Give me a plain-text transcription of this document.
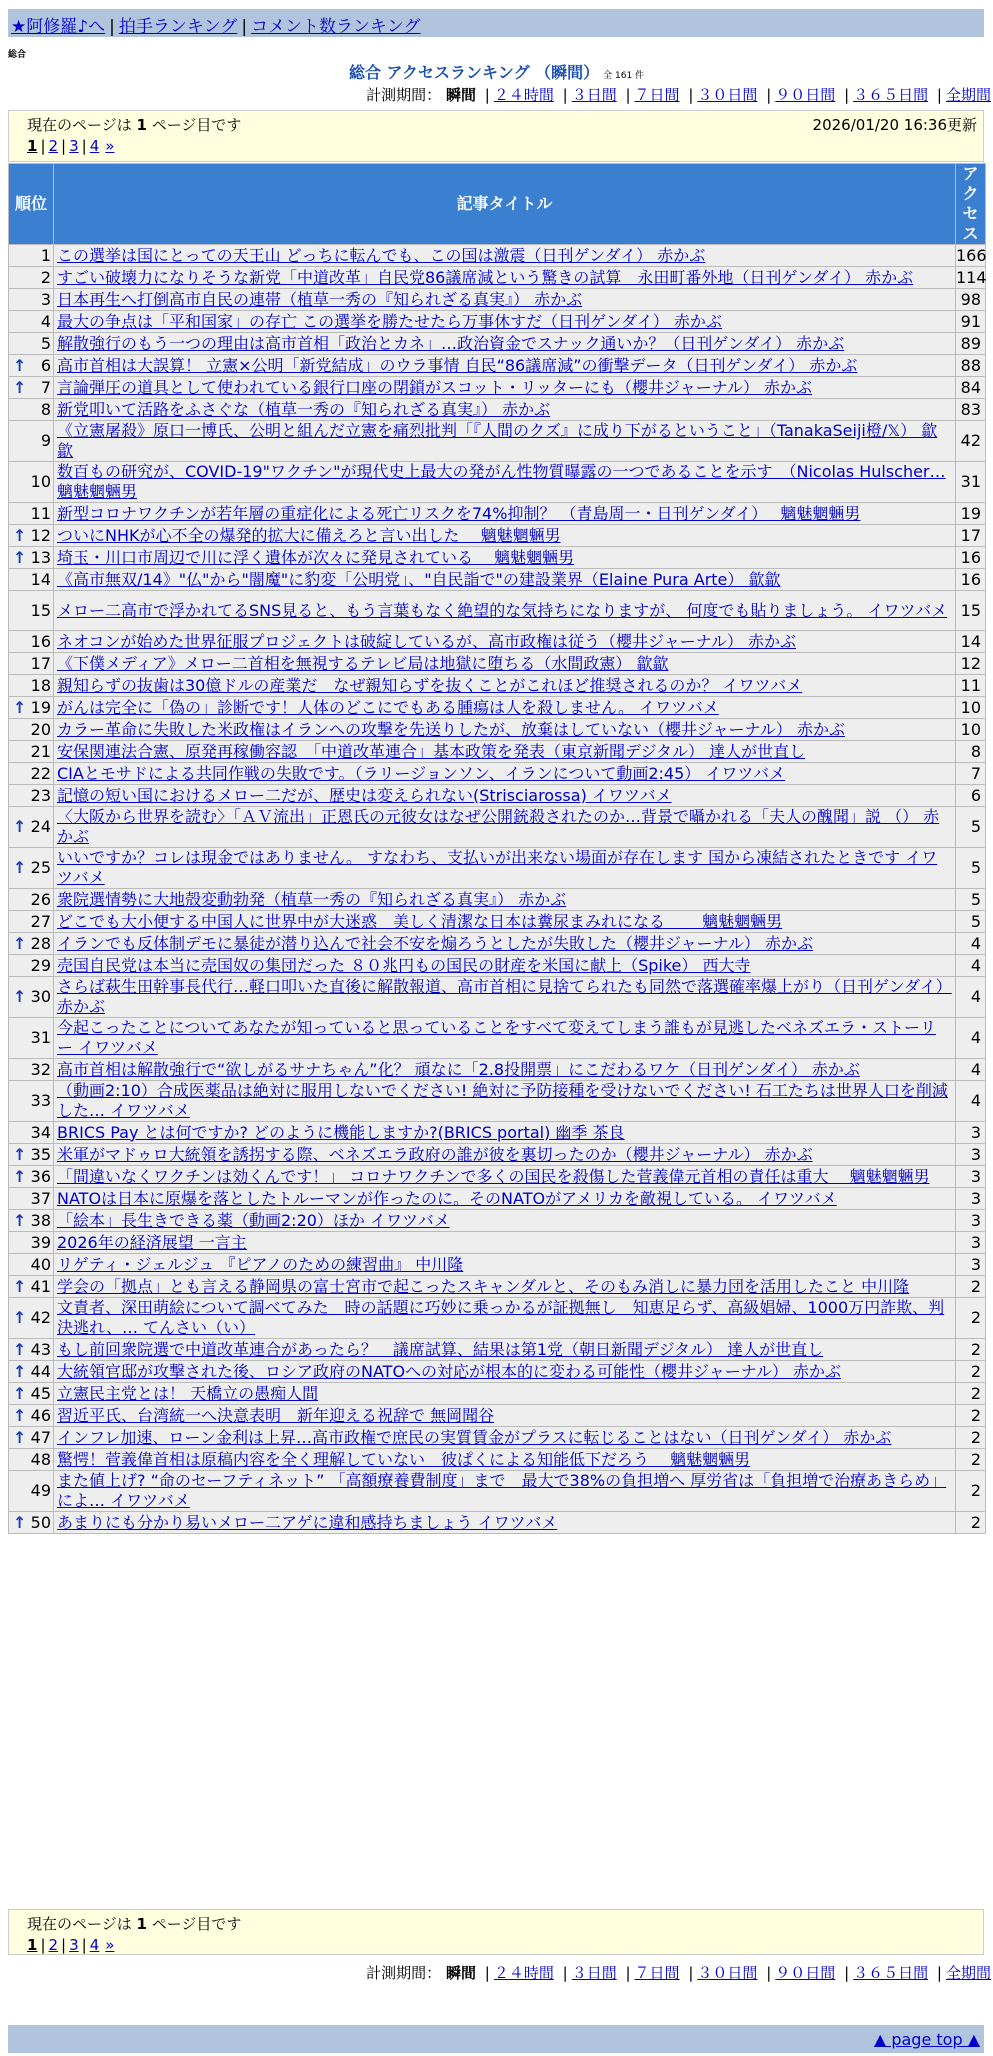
★阿修羅♪へ | 拍手ランキング | コメント数ランキング
総合
総合 アクセスランキング （瞬間） 全 161 件
計測期間： 瞬間 | ２４時間 | ３日間 | ７日間 | ３０日間 | ９０日間 | ３６５日間 | 全期間
現在のページは 1 ページ目です	2026/01/20 16:36更新
1 | 2 | 3 | 4 »
順位	記事タイトル	アクセス
1	この選挙は国にとっての天王山 どっちに転んでも、この国は激震（日刊ゲンダイ） 赤かぶ	166
2	すごい破壊力になりそうな新党「中道改革」自民党86議席減という驚きの試算　永田町番外地（日刊ゲンダイ） 赤かぶ	114
3	日本再生へ打倒高市自民の連帯（植草一秀の『知られざる真実』） 赤かぶ	98
4	最大の争点は「平和国家」の存亡 この選挙を勝たせたら万事休すだ（日刊ゲンダイ） 赤かぶ	91
5	解散強行のもう一つの理由は高市首相「政治とカネ」…政治資金でスナック通いか？（日刊ゲンダイ） 赤かぶ	89

↑ 6	高市首相は大誤算！ 立憲×公明「新党結成」のウラ事情 自民“86議席減”の衝撃データ（日刊ゲンダイ） 赤かぶ	88

↑ 7	言論弾圧の道具として使われている銀行口座の閉鎖がスコット・リッターにも（櫻井ジャーナル） 赤かぶ	84
8	新党叩いて活路をふさぐな（植草一秀の『知られざる真実』） 赤かぶ	83
9	《立憲屠殺》原口一博氏、公明と組んだ立憲を痛烈批判「『人間のクズ』に成り下がるということ」（TanakaSeiji橙/𝕏） 歙歙	42
10	数百もの研究が、COVID-19"ワクチン"が現代史上最大の発がん性物質曝露の一つであることを示す　（Nicolas Hulscher… 魑魅魍魎男	31
11	新型コロナワクチンが若年層の重症化による死亡リスクを74%抑制？ （青島周一・日刊ゲンダイ）　 魑魅魍魎男	19

↑ 12	ついにNHKが心不全の爆発的拡大に備えろと言い出した　 魑魅魍魎男	17

↑ 13	埼玉・川口市周辺で川に浮く遺体が次々に発見されている　 魑魅魍魎男	16
14	《高市無双/14》"仏"から"闇魔"に豹変「公明党」、"自民詣で"の建設業界（Elaine Pura Arte） 歙歙	16
15	メロー二高市で浮かれてるSNS見ると、もう言葉もなく絶望的な気持ちになりますが、 何度でも貼りましょう。 イワツバメ	15
16	ネオコンが始めた世界征服プロジェクトは破綻しているが、高市政権は従う（櫻井ジャーナル） 赤かぶ	14
17	《下僕メディア》メロー二首相を無視するテレビ局は地獄に堕ちる（水間政憲） 歙歙	12
18	親知らずの抜歯は30億ドルの産業だ　なぜ親知らずを抜くことがこれほど推奨されるのか？ イワツバメ	11

↑ 19	がんは完全に「偽の」診断です！人体のどこにでもある腫瘍は人を殺しません。 イワツバメ	10
20	カラー革命に失敗した米政権はイランへの攻撃を先送りしたが、放棄はしていない（櫻井ジャーナル） 赤かぶ	10
21	安保関連法合憲、原発再稼働容認　「中道改革連合」基本政策を発表（東京新聞デジタル） 達人が世直し	8
22	CIAとモサドによる共同作戦の失敗です。（ラリージョンソン、イランについて動画2:45） イワツバメ	7
23	記憶の短い国におけるメロー二だが、歴史は変えられない(Strisciarossa) イワツバメ	6

↑ 24	〈大阪から世界を読む〉「ＡＶ流出」正恩氏の元彼女はなぜ公開銃殺されたのか…背景で囁かれる「夫人の醜聞」説 （） 赤かぶ	5

↑ 25	いいですか？コレは現金ではありません。 すなわち、支払いが出来ない場面が存在します 国から凍結されたときです イワツバメ	5
26	衆院選情勢に大地殻変動勃発（植草一秀の『知られざる真実』） 赤かぶ	5
27	どこでも大小便する中国人に世界中が大迷惑　美しく清潔な日本は糞尿まみれになる　　 魑魅魍魎男	5

↑ 28	イランでも反体制デモに暴徒が潜り込んで社会不安を煽ろうとしたが失敗した（櫻井ジャーナル） 赤かぶ	4
29	売国自民党は本当に売国奴の集団だった ８０兆円もの国民の財産を米国に献上（Spike） 西大寺	4

↑ 30	さらば萩生田幹事長代行…軽口叩いた直後に解散報道、高市首相に見捨てられたも同然で落選確率爆上がり（日刊ゲンダイ） 赤かぶ	4
31	今起こったことについてあなたが知っていると思っていることをすべて変えてしまう誰もが見逃したベネズエラ・ストーリー イワツバメ	4
32	高市首相は解散強行で“欲しがるサナちゃん”化？ 頑なに「2.8投開票」にこだわるワケ（日刊ゲンダイ） 赤かぶ	4
33	（動画2:10）合成医薬品は絶対に服用しないでください! 絶対に予防接種を受けないでください! 石工たちは世界人口を削減した… イワツバメ	4
34	BRICS Pay とは何ですか? どのように機能しますか?(BRICS portal) 幽季 茶良	3

↑ 35	米軍がマドゥロ大統領を誘拐する際、ベネズエラ政府の誰が彼を裏切ったのか（櫻井ジャーナル） 赤かぶ	3

↑ 36	「間違いなくワクチンは効くんです！」 コロナワクチンで多くの国民を殺傷した菅義偉元首相の責任は重大　 魑魅魍魎男	3
37	NATOは日本に原爆を落としたトルーマンが作ったのに。そのNATOがアメリカを敵視している。 イワツバメ	3

↑ 38	「絵本」長生きできる薬（動画2:20）ほか イワツバメ	3
39	2026年の経済展望 一言主	3
40	リゲティ・ジェルジュ 『ピアノのための練習曲』 中川隆	3

↑ 41	学会の「拠点」とも言える静岡県の富士宮市で起こったスキャンダルと、そのもみ消しに暴力団を活用したこと 中川隆	2

↑ 42	文責者、深田萌絵について調べてみた　時の話題に巧妙に乗っかるが証拠無し　知恵足らず、高級娼婦、1000万円詐欺、判決逃れ、… てんさい（い）	2

↑ 43	もし前回衆院選で中道改革連合があったら？　議席試算、結果は第1党（朝日新聞デジタル） 達人が世直し	2

↑ 44	大統領官邸が攻撃された後、ロシア政府のNATOへの対応が根本的に変わる可能性（櫻井ジャーナル） 赤かぶ	2

↑ 45	立憲民主党とは！ 天橋立の愚痴人間	2

↑ 46	習近平氏、台湾統一へ決意表明　新年迎える祝辞で 無岡聞谷	2

↑ 47	インフレ加速、ローン金利は上昇…高市政権で庶民の実質賃金がプラスに転じることはない（日刊ゲンダイ） 赤かぶ	2
48	驚愕！菅義偉首相は原稿内容を全く理解していない　彼ぱくによる知能低下だろう　 魑魅魍魎男	2
49	また値上げ? “命のセーフティネット” 「高額療養費制度」まで　最大で38%の負担増へ 厚労省は「負担増で治療あきらめ」によ… イワツバメ	2

↑ 50	あまりにも分かり易いメロー二アゲに違和感持ちましょう イワツバメ	2
現在のページは 1 ページ目です
1 | 2 | 3 | 4 »
計測期間： 瞬間 | ２４時間 | ３日間 | ７日間 | ３０日間 | ９０日間 | ３６５日間 | 全期間
▲ page top ▲
